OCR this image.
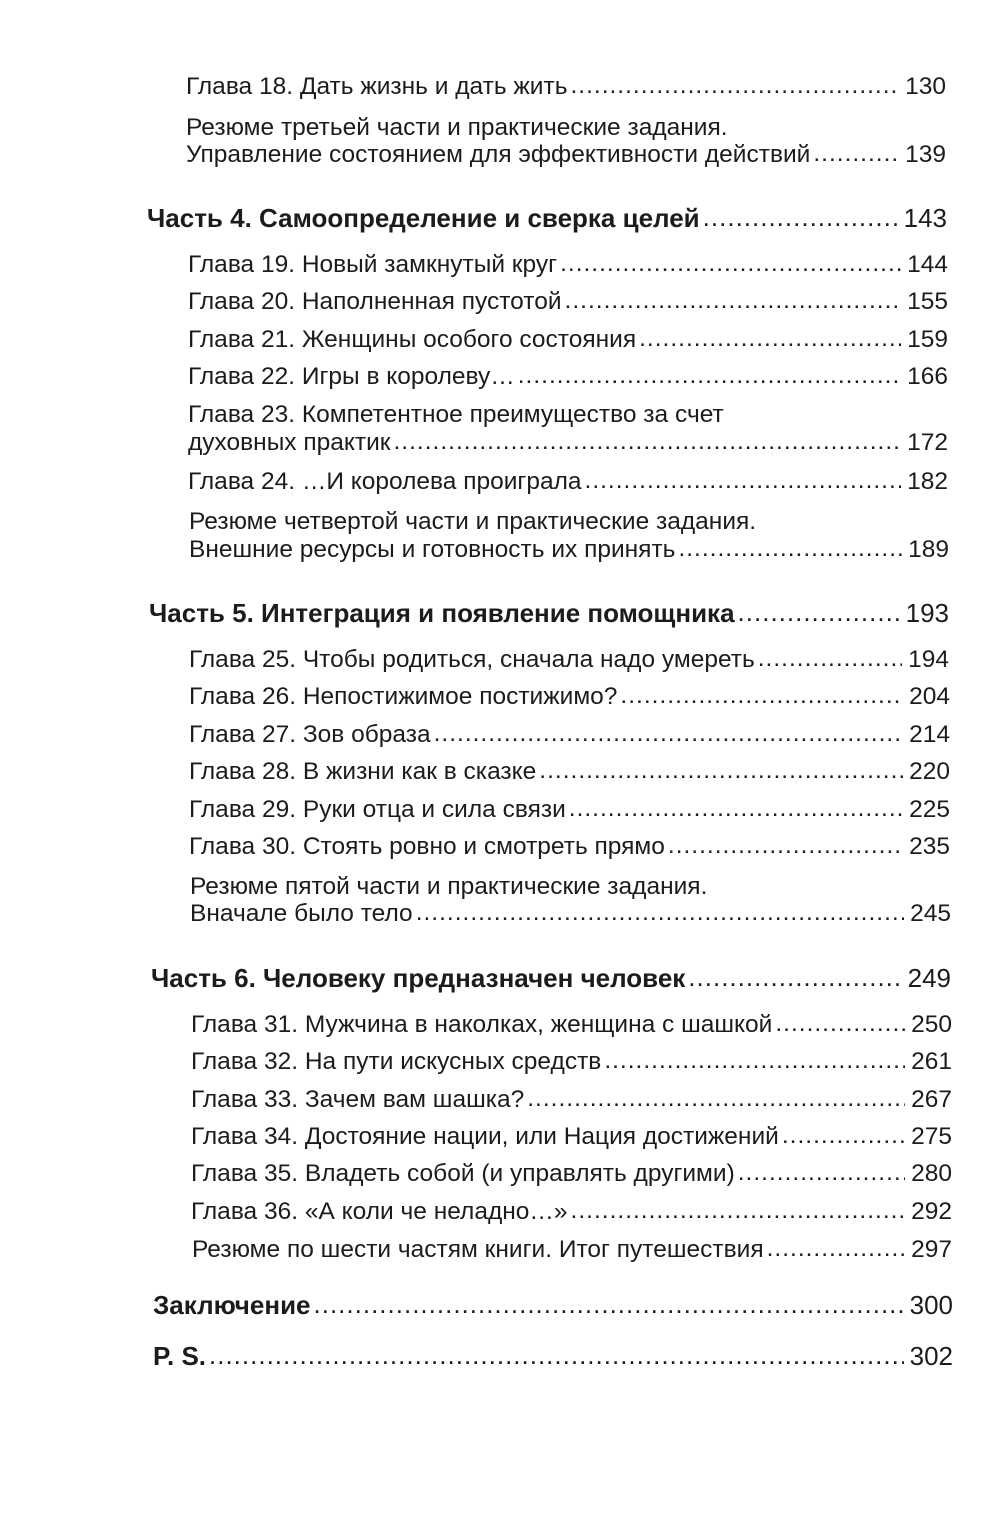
Глава 18. Дать жизнь и дать жить .....	130
Резюме третьей части и практические задания.
Управление состоянием для эффективности действий .....	139
Часть 4. Самоопределение и сверка целей .....	143
Глава 19. Новый замкнутый круг .....	144
Глава 20. Наполненная пустотой .....	155
Глава 21. Женщины особого состояния .....	159
Глава 22. Игры в королеву… .....	166
Глава 23. Компетентное преимущество за счет
духовных практик .....	172
Глава 24. …И королева проиграла .....	182
Резюме четвертой части и практические задания.
Внешние ресурсы и готовность их принять .....	189
Часть 5. Интеграция и появление помощника .....	193
Глава 25. Чтобы родиться, сначала надо умереть .....	194
Глава 26. Непостижимое постижимо? .....	204
Глава 27. Зов образа .....	214
Глава 28. В жизни как в сказке .....	220
Глава 29. Руки отца и сила связи .....	225
Глава 30. Стоять ровно и смотреть прямо .....	235
Резюме пятой части и практические задания.
Вначале было тело .....	245
Часть 6. Человеку предназначен человек .....	249
Глава 31. Мужчина в наколках, женщина с шашкой .....	250
Глава 32. На пути искусных средств .....	261
Глава 33. Зачем вам шашка? .....	267
Глава 34. Достояние нации, или Нация достижений .....	275
Глава 35. Владеть собой (и управлять другими) .....	280
Глава 36. «А коли че неладно…» .....	292
Резюме по шести частям книги. Итог путешествия .....	297
Заключение .....	300
P. S. .....	302
